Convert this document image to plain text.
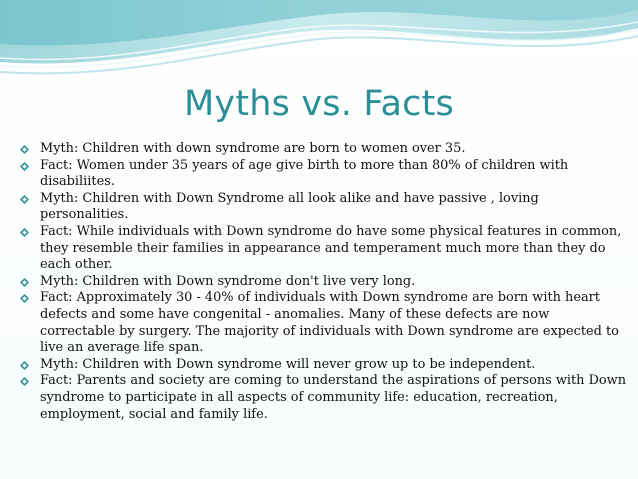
Myths vs. Facts
Myth: Children with down syndrome are born to women over 35.
Fact: Women under 35 years of age give birth to more than 80% of children with disabiliites.
Myth: Children with Down Syndrome all look alike and have passive , loving personalities.
Fact: While individuals with Down syndrome do have some physical features in common, they resemble their families in appearance and temperament much more than they do each other.
Myth: Children with Down syndrome don't live very long.
Fact: Approximately 30 - 40% of individuals with Down syndrome are born with heart defects and some have congenital - anomalies. Many of these defects are now correctable by surgery. The majority of individuals with Down syndrome are expected to live an average life span.
Myth: Children with Down syndrome will never grow up to be independent.
Fact: Parents and society are coming to understand the aspirations of persons with Down syndrome to participate in all aspects of community life: education, recreation, employment, social and family life.
